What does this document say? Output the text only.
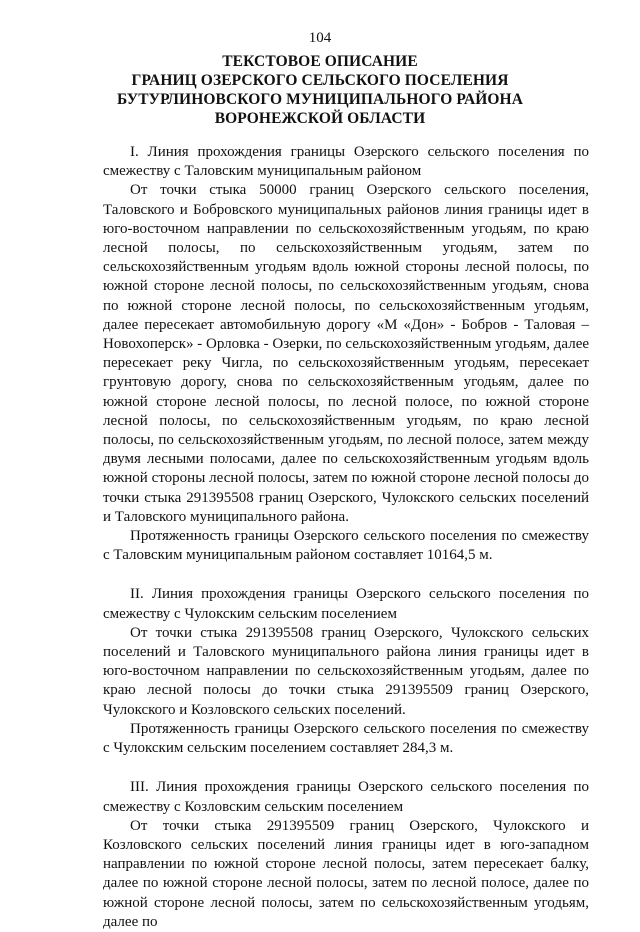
104
ТЕКСТОВОЕ ОПИСАНИЕ
ГРАНИЦ ОЗЕРСКОГО СЕЛЬСКОГО ПОСЕЛЕНИЯ
БУТУРЛИНОВСКОГО МУНИЦИПАЛЬНОГО РАЙОНА
ВОРОНЕЖСКОЙ ОБЛАСТИ

I. Линия прохождения границы Озерского сельского поселения по смежеству с Таловским муниципальным районом

От точки стыка 50000 границ Озерского сельского поселения, Таловского и Бобровского муниципальных районов линия границы идет в юго-восточном направлении по сельскохозяйственным угодьям, по краю лесной полосы, по сельскохозяйственным угодьям, затем по сельскохозяйственным угодьям вдоль южной стороны лесной полосы, по южной стороне лесной полосы, по сельскохозяйственным угодьям, снова по южной стороне лесной полосы, по сельскохозяйственным угодьям, далее пересекает автомобильную дорогу «М «Дон» - Бобров - Таловая – Новохоперск» - Орловка - Озерки, по сельскохозяйственным угодьям, далее пересекает реку Чигла, по сельскохозяйственным угодьям, пересекает грунтовую дорогу, снова по сельскохозяйственным угодьям, далее по южной стороне лесной полосы, по лесной полосе, по южной стороне лесной полосы, по сельскохозяйственным угодьям, по краю лесной полосы, по сельскохозяйственным угодьям, по лесной полосе, затем между двумя лесными полосами, далее по сельскохозяйственным угодьям вдоль южной стороны лесной полосы, затем по южной стороне лесной полосы до точки стыка 291395508 границ Озерского, Чулокского сельских поселений и Таловского муниципального района.

Протяженность границы Озерского сельского поселения по смежеству с Таловским муниципальным районом составляет 10164,5 м.

II. Линия прохождения границы Озерского сельского поселения по смежеству с Чулокским сельским поселением

От точки стыка 291395508 границ Озерского, Чулокского сельских поселений и Таловского муниципального района линия границы идет в юго-восточном направлении по сельскохозяйственным угодьям, далее по краю лесной полосы до точки стыка 291395509 границ Озерского, Чулокского и Козловского сельских поселений.

Протяженность границы Озерского сельского поселения по смежеству с Чулокским сельским поселением составляет 284,3 м.

III. Линия прохождения границы Озерского сельского поселения по смежеству с Козловским сельским поселением

От точки стыка 291395509 границ Озерского, Чулокского и Козловского сельских поселений линия границы идет в юго-западном направлении по южной стороне лесной полосы, затем пересекает балку, далее по южной стороне лесной полосы, затем по лесной полосе, далее по южной стороне лесной полосы, затем по сельскохозяйственным угодьям, далее по
